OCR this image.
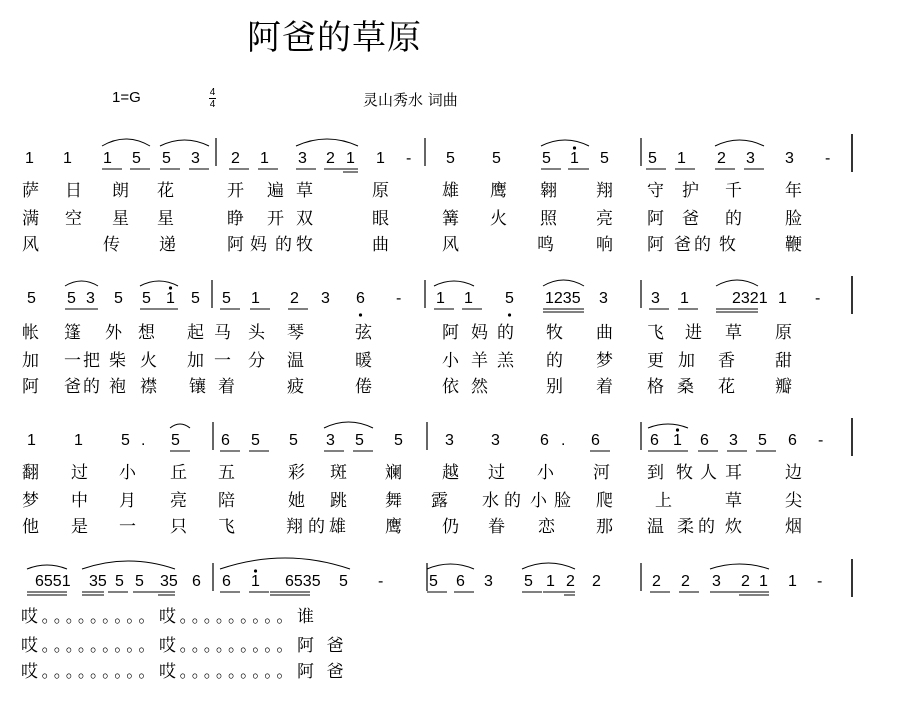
阿爸的草原
1=G	4
4	灵山秀水 词曲
1 1 1 5 5 3 2 1 3 2 1 1 - 5 5	5 1 5 5 1 2 3 3 -
5 5 3 5 5 1 5 5 1 2 3 6 - 1 1 5 1235 3	3 1	2321 1 -
1 1 5 . 5	6 5 5 3 5 5	3 3	6 . 6	6 1 6 3 5 6 -
6551 35 5 5 35 6 6 1 6535 5 -	5 6 3 5 1 2 2	2 2 3 2 1 1 -
萨 日 朗 花	开 遍 草	原	雄 鹰 翱 翔 守 护 千	年
满 空 星 星	睁 开 双	眼	篝 火 照 亮 阿 爸 的	脸
风	传 递	阿 妈 的 牧	曲	风	鸣 响 阿 爸 的 牧	鞭
帐 篷 外 想 起 马 头 琴	弦	阿 妈 的 牧 曲 飞 进 草 原
加 一 把 柴 火 加 一 分 温	暖	小 羊 羔 的 梦 更 加 香 甜
阿 爸 的 袍 襟 镶 着	疲	倦	依 然	别 着 格 桑 花 瓣
翻 过 小 丘 五	彩 斑 斓 越 过 小 河 到 牧 人 耳	边
梦 中 月 亮 陪	她 跳 舞 露 水 的 小 脸 爬 上	草	尖
他 是 一 只 飞	翔 的 雄 鹰 仍 眷 恋 那 温 柔 的 炊	烟
哎。。。。。。。。。哎。。。。。。。。。谁
哎。。。。。。。。。哎。。。。。。。。。阿 爸
哎。。。。。。。。。哎。。。。。。。。。阿 爸
